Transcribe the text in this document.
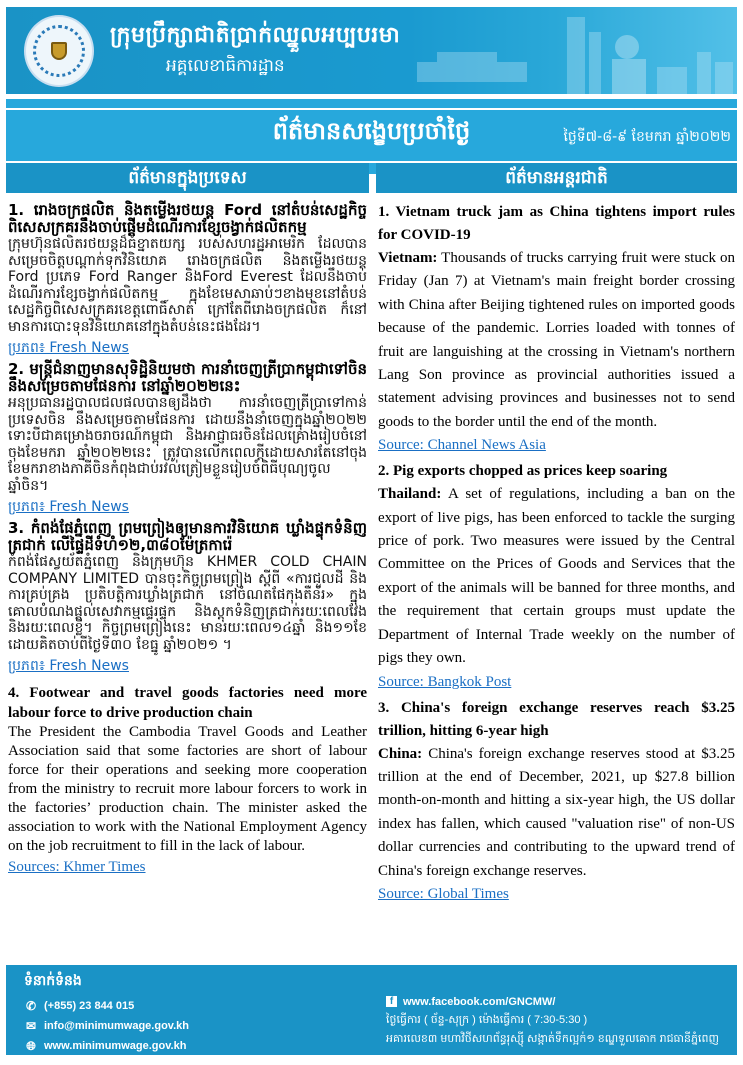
ក្រុមប្រឹក្សាជាតិប្រាក់ឈ្នួលអប្បបរមា
អគ្គលេខាធិការដ្ឋាន
ព័ត៌មានសង្ខេបប្រចាំថ្ងៃ	ថ្ងៃទី៧-៨-៩ ខែមករា ឆ្នាំ២០២២
ព័ត៌មានក្នុងប្រទេស
1. រោងចក្រផលិត និងតម្លើងរថយន្ត Ford នៅតំបន់សេដ្ឋកិច្ចពិសេសក្រគរនឹងចាប់ផ្ដើមដំណើរការខ្សែចង្វាក់ផលិតកម្ម
ក្រុមហ៊ុនផលិតរថយន្តដ៏ធំខ្នាតយក្ស របស់សហរដ្ឋអាមេរិក ដែលបានសម្រេចចិត្តបណ្ដាក់ទុកវិនិយោគ រោងចក្រផលិត និងតម្លើងរថយន្ត Ford ប្រភេទ Ford Ranger និងFord Everest ដែលនឹងចាប់ដំណើរការខ្សែចង្វាក់ផលិតកម្ម ក្នុងខែមេសាឆាប់ៗខាងមុខនៅតំបន់សេដ្ឋកិច្ចពិសេសក្រគរខេត្តពោធិ៍សាត់ ក្រៅតែពីរោងចក្រផលិត ក៏នៅមានការបោះទុនវិនិយោគនៅក្នុងតំបន់នេះផងដែរ។
ប្រភព៖ Fresh News
2. មន្ត្រីជំនាញមានសុទិដ្ឋិនិយមថា ការនាំចេញត្រីប្រាកម្ពុជាទៅចិន នឹងសម្រេចតាមផែនការ នៅឆ្នាំ២០២២នេះ
អនុប្រធានរដ្ឋបាលជលផលបានឲ្យដឹងថា ការនាំចេញត្រីប្រាទៅកាន់ប្រទេសចិន នឹងសម្រេចតាមផែនការ ដោយនឹងនាំចេញក្នុងឆ្នាំ២០២២ ទោះបីជាគម្រោងចរាចរណ៍កម្ពុជា និងអាជ្ញាធរចិនដែលគ្រោងរៀបចំនៅចុងខែមករា ឆ្នាំ២០២២នេះ ត្រូវបានលើកពេលក្ដីដោយសារតែនៅចុង ខែមករាខាងភាគីចិនកំពុងជាប់រវល់ត្រៀមខ្លួនរៀបចំពិធីបុណ្យចូលឆ្នាំចិន។
ប្រភព៖ Fresh News
3. កំពង់ផែភ្នំពេញ ព្រមព្រៀងឲ្យមានការវិនិយោគ ឃ្លាំងផ្ទុកទំនិញត្រជាក់ លើផ្ទៃដីទំហំ១២,៣៨០ម៉ែត្រការ៉េ
កំពង់ផែស្វយ័តភ្នំពេញ និងក្រុមហ៊ុន KHMER COLD CHAIN COMPANY LIMITED បានចុះកិច្ចព្រមព្រៀង ស្ដីពី «ការជួលដី និងការគ្រប់គ្រង ប្រតិបត្តិការឃ្លាំងត្រជាក់ នៅចំណតផែកុងតឺន័រ» ក្នុងគោលបំណងផ្ដល់សេវាកម្មផ្ទេរផ្ទុក និងស្តុកទំនិញត្រជាក់រយៈពេលវែងនិងរយៈពេលខ្លី។ កិច្ចព្រមព្រៀងនេះ មានរយៈពេល១៤ឆ្នាំ និង១១ខែ ដោយគិតចាប់ពីថ្ងៃទី៣០ ខែធ្នូ ឆ្នាំ២០២១ ។
ប្រភព៖ Fresh News
4. Footwear and travel goods factories need more labour force to drive production chain
The President the Cambodia Travel Goods and Leather Association said that some factories are short of labour force for their operations and seeking more cooperation from the ministry to recruit more labour forcers to work in the factories’ production chain. The minister asked the association to work with the National Employment Agency on the job recruitment to fill in the lack of labour.
Sources: Khmer Times
ព័ត៌មានអន្តរជាតិ
1. Vietnam truck jam as China tightens import rules for COVID-19
Vietnam: Thousands of trucks carrying fruit were stuck on Friday (Jan 7) at Vietnam's main freight border crossing with China after Beijing tightened rules on imported goods because of the pandemic. Lorries loaded with tonnes of fruit are languishing at the crossing in Vietnam's northern Lang Son province as provincial authorities issued a statement advising provinces and businesses not to send goods to the border until the end of the month.
Source: Channel News Asia
2. Pig exports chopped as prices keep soaring
Thailand: A set of regulations, including a ban on the export of live pigs, has been enforced to tackle the surging price of pork. Two measures were issued by the Central Committee on the Prices of Goods and Services that the export of the animals will be banned for three months, and the requirement that certain groups must update the Department of Internal Trade weekly on the number of pigs they own.
Source: Bangkok Post
3. China's foreign exchange reserves reach $3.25 trillion, hitting 6-year high
China: China's foreign exchange reserves stood at $3.25 trillion at the end of December, 2021, up $27.8 billion month-on-month and hitting a six-year high, the US dollar index has fallen, which caused "valuation rise" of non-US dollar currencies and contributing to the upward trend of China's foreign exchange reserves.
Source: Global Times
ទំនាក់ទំនង
✆ (+855) 23 844 015
✉ info@minimumwage.gov.kh
🌐︎ www.minimumwage.gov.kh
f www.facebook.com/GNCMW/
ថ្ងៃធ្វើការ ( ច័ន្ទ-សុក្រ ) ម៉ោងធ្វើការ ( 7:30-5:30 )
អគារលេខ៣ មហាវិថីសហព័ន្ធរុស្ស៊ី សង្កាត់ទឹកល្អក់១ ខណ្ឌទួលគោក រាជធានីភ្នំពេញ
